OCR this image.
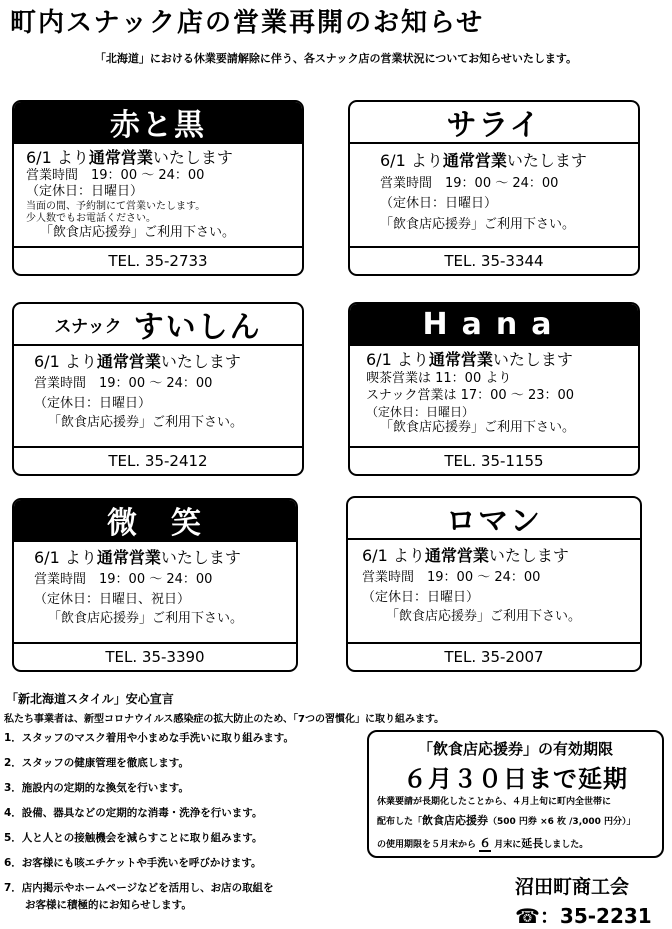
町内スナック店の営業再開のお知らせ
「北海道」における休業要請解除に伴う、各スナック店の営業状況についてお知らせいたします。
赤と黒
6/1 より通常営業いたします
営業時間　19：00 〜 24：00
（定休日：日曜日）
当面の間、予約制にて営業いたします。
少人数でもお電話ください。
「飲食店応援券」ご利用下さい。
TEL. 35-2733
サライ
6/1 より通常営業いたします
営業時間　19：00 〜 24：00
（定休日：日曜日）
「飲食店応援券」ご利用下さい。
TEL. 35-3344
スナック すいしん
6/1 より通常営業いたします
営業時間　19：00 〜 24：00
（定休日：日曜日）
「飲食店応援券」ご利用下さい。
TEL. 35-2412
Hana
6/1 より通常営業いたします
喫茶営業は 11：00 より
スナック営業は 17：00 〜 23：00
（定休日：日曜日）
「飲食店応援券」ご利用下さい。
TEL. 35-1155
微　笑
6/1 より通常営業いたします
営業時間　19：00 〜 24：00
（定休日：日曜日、祝日）
「飲食店応援券」ご利用下さい。
TEL. 35-3390
ロマン
6/1 より通常営業いたします
営業時間　19：00 〜 24：00
（定休日：日曜日）
「飲食店応援券」ご利用下さい。
TEL. 35-2007
「新北海道スタイル」安心宣言
私たち事業者は、新型コロナウイルス感染症の拡大防止のため、「7つの習慣化」に取り組みます。
1．スタッフのマスク着用や小まめな手洗いに取り組みます。
2．スタッフの健康管理を徹底します。
3．施設内の定期的な換気を行います。
4．設備、器具などの定期的な消毒・洗浄を行います。
5．人と人との接触機会を減らすことに取り組みます。
6．お客様にも咳エチケットや手洗いを呼びかけます。
7．店内掲示やホームページなどを活用し、お店の取組を
　　お客様に積極的にお知らせします。
「飲食店応援券」の有効期限
６月３０日まで延期
休業要請が長期化したことから、４月上旬に町内全世帯に
配布した「飲食店応援券（500 円券 ×6 枚 /3,000 円分）」
の使用期限を５月末から ６ 月末に延長しました。
沼田町商工会
☎：35-2231
